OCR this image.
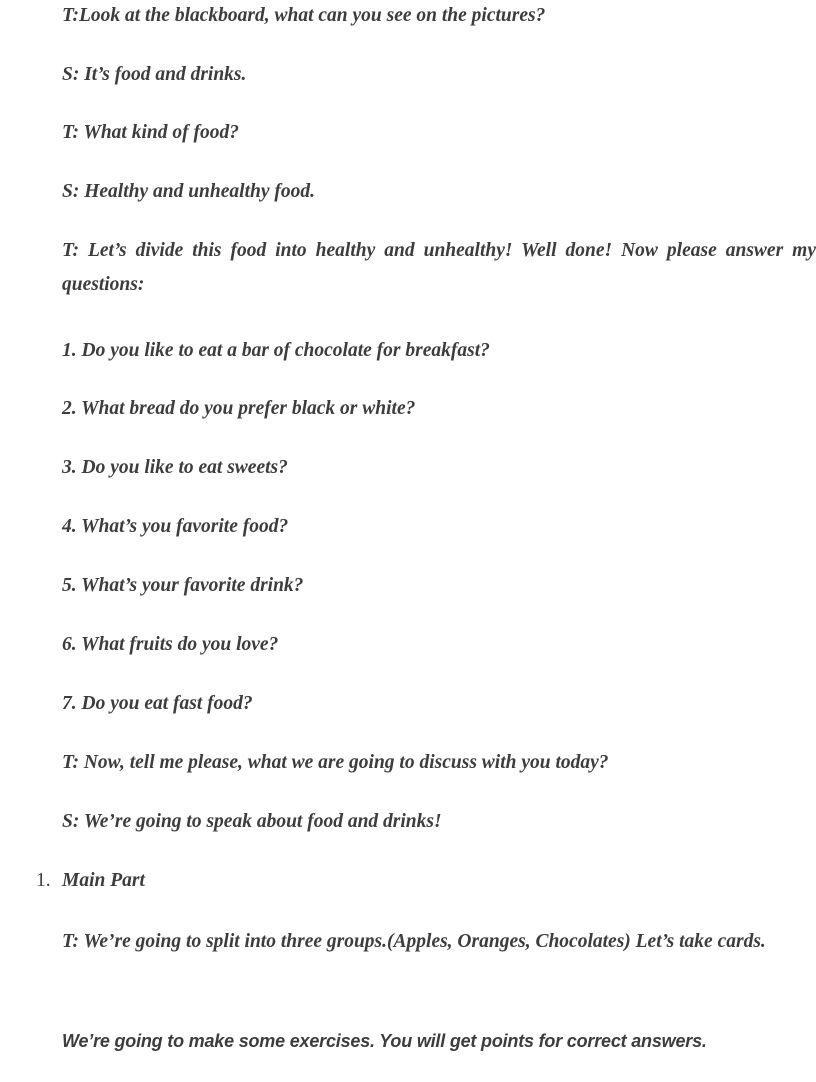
T:Look at the blackboard, what can you see on the pictures?

S: It’s food and drinks.

T: What kind of food?

S: Healthy and unhealthy food.

T: Let’s divide this food into healthy and unhealthy! Well done! Now please answer my questions:

1. Do you like to eat a bar of chocolate for breakfast?

2. What bread do you prefer black or white?

3. Do you like to eat sweets?

4. What’s you favorite food?

5. What’s your favorite drink?

6. What fruits do you love?

7. Do you eat fast food?

T: Now, tell me please, what we are going to discuss with you today?

S: We’re going to speak about food and drinks!

1. Main Part

T: We’re going to split into three groups.(Apples, Oranges, Chocolates) Let’s take cards.

We’re going to make some exercises. You will get points for correct answers.
